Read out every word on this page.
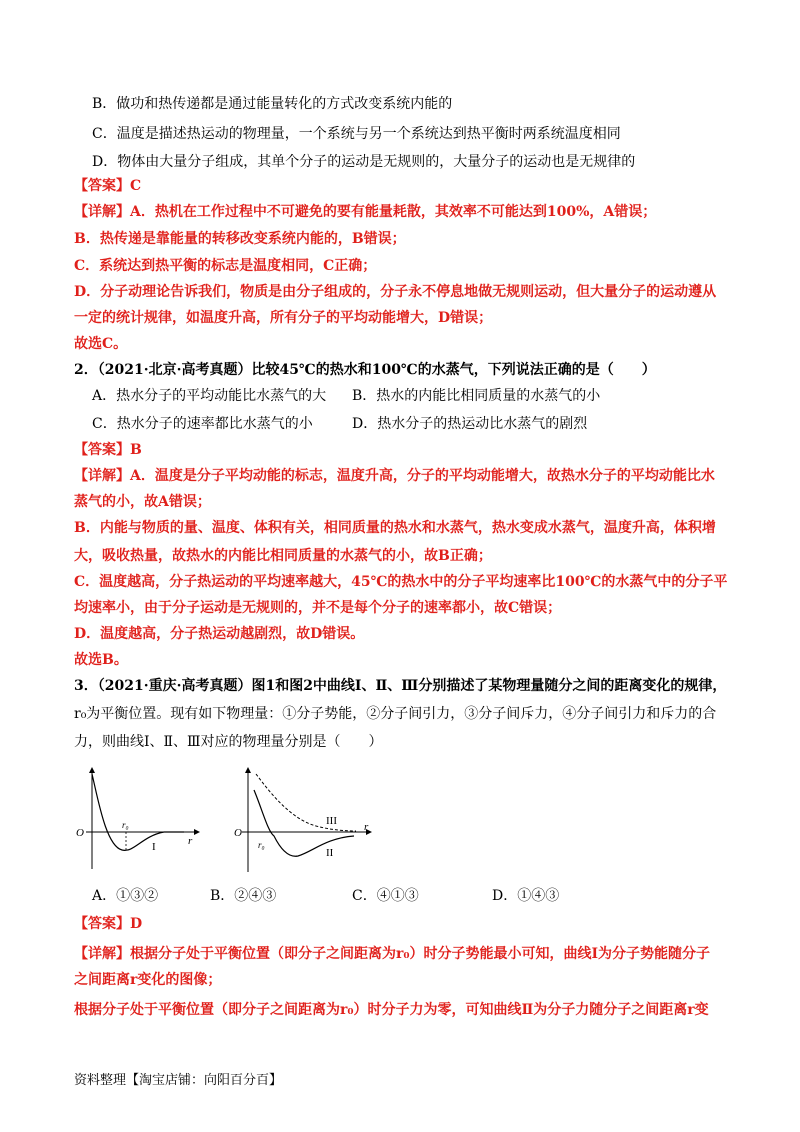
B．做功和热传递都是通过能量转化的方式改变系统内能的
C．温度是描述热运动的物理量，一个系统与另一个系统达到热平衡时两系统温度相同
D．物体由大量分子组成，其单个分子的运动是无规则的，大量分子的运动也是无规律的
【答案】C
【详解】A．热机在工作过程中不可避免的要有能量耗散，其效率不可能达到100%，A错误；
B．热传递是靠能量的转移改变系统内能的，B错误；
C．系统达到热平衡的标志是温度相同，C正确；
D．分子动理论告诉我们，物质是由分子组成的，分子永不停息地做无规则运动，但大量分子的运动遵从
一定的统计规律，如温度升高，所有分子的平均动能增大，D错误；
故选C。
2．（2021·北京·高考真题）比较45℃的热水和100℃的水蒸气，下列说法正确的是（　　）
A．热水分子的平均动能比水蒸气的大 B．热水的内能比相同质量的水蒸气的小
C．热水分子的速率都比水蒸气的小	D．热水分子的热运动比水蒸气的剧烈
【答案】B
【详解】A．温度是分子平均动能的标志，温度升高，分子的平均动能增大，故热水分子的平均动能比水
蒸气的小，故A错误；
B．内能与物质的量、温度、体积有关，相同质量的热水和水蒸气，热水变成水蒸气，温度升高，体积增
大，吸收热量，故热水的内能比相同质量的水蒸气的小，故B正确；
C．温度越高，分子热运动的平均速率越大，45℃的热水中的分子平均速率比100℃的水蒸气中的分子平
均速率小，由于分子运动是无规则的，并不是每个分子的速率都小，故C错误；
D．温度越高，分子热运动越剧烈，故D错误。
故选B。
3．（2021·重庆·高考真题）图1和图2中曲线Ⅰ、Ⅱ、Ⅲ分别描述了某物理量随分之间的距离变化的规律，
r₀为平衡位置。现有如下物理量：①分子势能，②分子间引力，③分子间斥力，④分子间引力和斥力的合
力，则曲线Ⅰ、Ⅱ、Ⅲ对应的物理量分别是（　　）
O
r₀
r
I
O
r₀
r
III
II
A．①③②	B．②④③	C．④①③	D．①④③
【答案】D
【详解】根据分子处于平衡位置（即分子之间距离为r₀）时分子势能最小可知，曲线Ⅰ为分子势能随分子
之间距离r变化的图像；
根据分子处于平衡位置（即分子之间距离为r₀）时分子力为零，可知曲线Ⅱ为分子力随分子之间距离r变
资料整理【淘宝店铺：向阳百分百】
